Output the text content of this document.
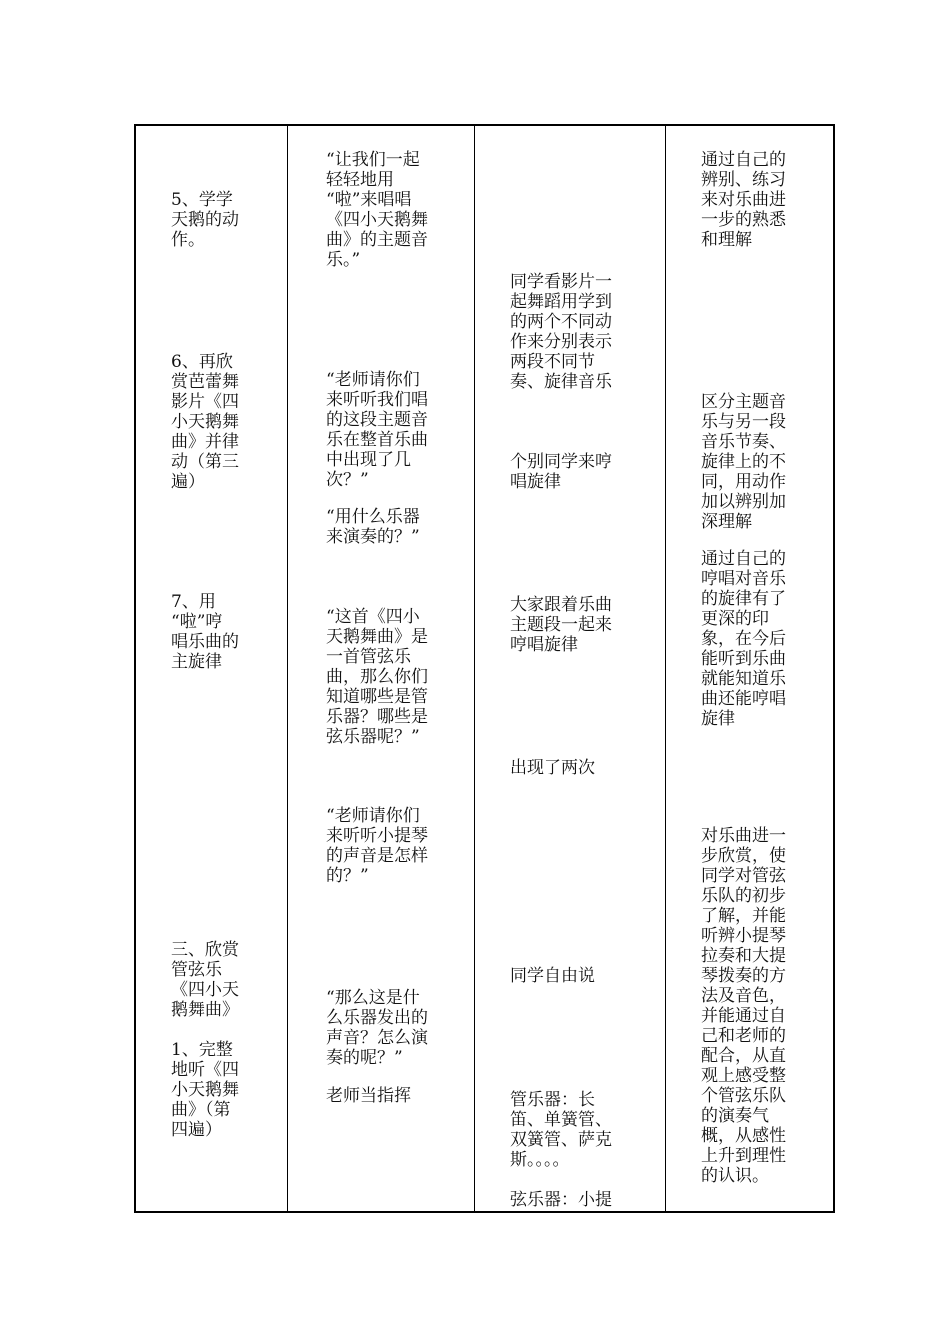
5、学学
天鹅的动
作。

6、再欣
赏芭蕾舞
影片《四
小天鹅舞
曲》并律
动（第三
遍）

7、用
“啦”哼
唱乐曲的
主旋律

三、欣赏
管弦乐
《四小天
鹅舞曲》

1、完整
地听《四
小天鹅舞
曲》（第
四遍）

“让我们一起
轻轻地用
“啦”来唱唱
《四小天鹅舞
曲》的主题音
乐。”

“老师请你们
来听听我们唱
的这段主题音
乐在整首乐曲
中出现了几
次？”

“用什么乐器
来演奏的？”

“这首《四小
天鹅舞曲》是
一首管弦乐
曲，那么你们
知道哪些是管
乐器？哪些是
弦乐器呢？”

“老师请你们
来听听小提琴
的声音是怎样
的？”

“那么这是什
么乐器发出的
声音？怎么演
奏的呢？”

老师当指挥

同学看影片一
起舞蹈用学到
的两个不同动
作来分别表示
两段不同节
奏、旋律音乐

个别同学来哼
唱旋律

大家跟着乐曲
主题段一起来
哼唱旋律

出现了两次

同学自由说

管乐器：长
笛、单簧管、
双簧管、萨克
斯。。。。

弦乐器：小提

通过自己的
辨别、练习
来对乐曲进
一步的熟悉
和理解

区分主题音
乐与另一段
音乐节奏、
旋律上的不
同，用动作
加以辨别加
深理解

通过自己的
哼唱对音乐
的旋律有了
更深的印
象，在今后
能听到乐曲
就能知道乐
曲还能哼唱
旋律

对乐曲进一
步欣赏，使
同学对管弦
乐队的初步
了解，并能
听辨小提琴
拉奏和大提
琴拨奏的方
法及音色，
并能通过自
己和老师的
配合，从直
观上感受整
个管弦乐队
的演奏气
概，从感性
上升到理性
的认识。
